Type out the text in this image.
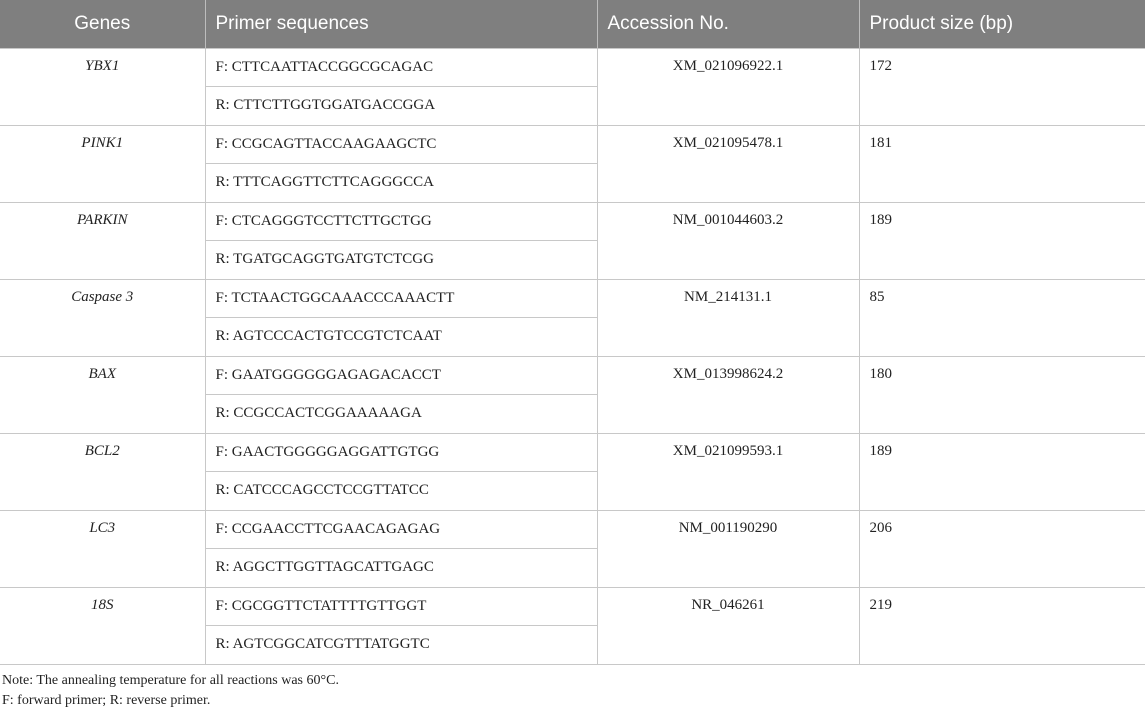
Genes	Primer sequences	Accession No.	Product size (bp)
YBX1	F: CTTCAATTACCGGCGCAGAC	XM_021096922.1	172
	R: CTTCTTGGTGGATGACCGGA		
PINK1	F: CCGCAGTTACCAAGAAGCTC	XM_021095478.1	181
	R: TTTCAGGTTCTTCAGGGCCA		
PARKIN	F: CTCAGGGTCCTTCTTGCTGG	NM_001044603.2	189
	R: TGATGCAGGTGATGTCTCGG		
Caspase 3	F: TCTAACTGGCAAACCCAAACTT	NM_214131.1	85
	R: AGTCCCACTGTCCGTCTCAAT		
BAX	F: GAATGGGGGGAGAGACACCT	XM_013998624.2	180
	R: CCGCCACTCGGAAAAAGA		
BCL2	F: GAACTGGGGGAGGATTGTGG	XM_021099593.1	189
	R: CATCCCAGCCTCCGTTATCC		
LC3	F: CCGAACCTTCGAACAGAGAG	NM_001190290	206
	R: AGGCTTGGTTAGCATTGAGC		
18S	F: CGCGGTTCTATTTTGTTGGT	NR_046261	219
	R: AGTCGGCATCGTTTATGGTC		
Note: The annealing temperature for all reactions was 60°C.
F: forward primer; R: reverse primer.
